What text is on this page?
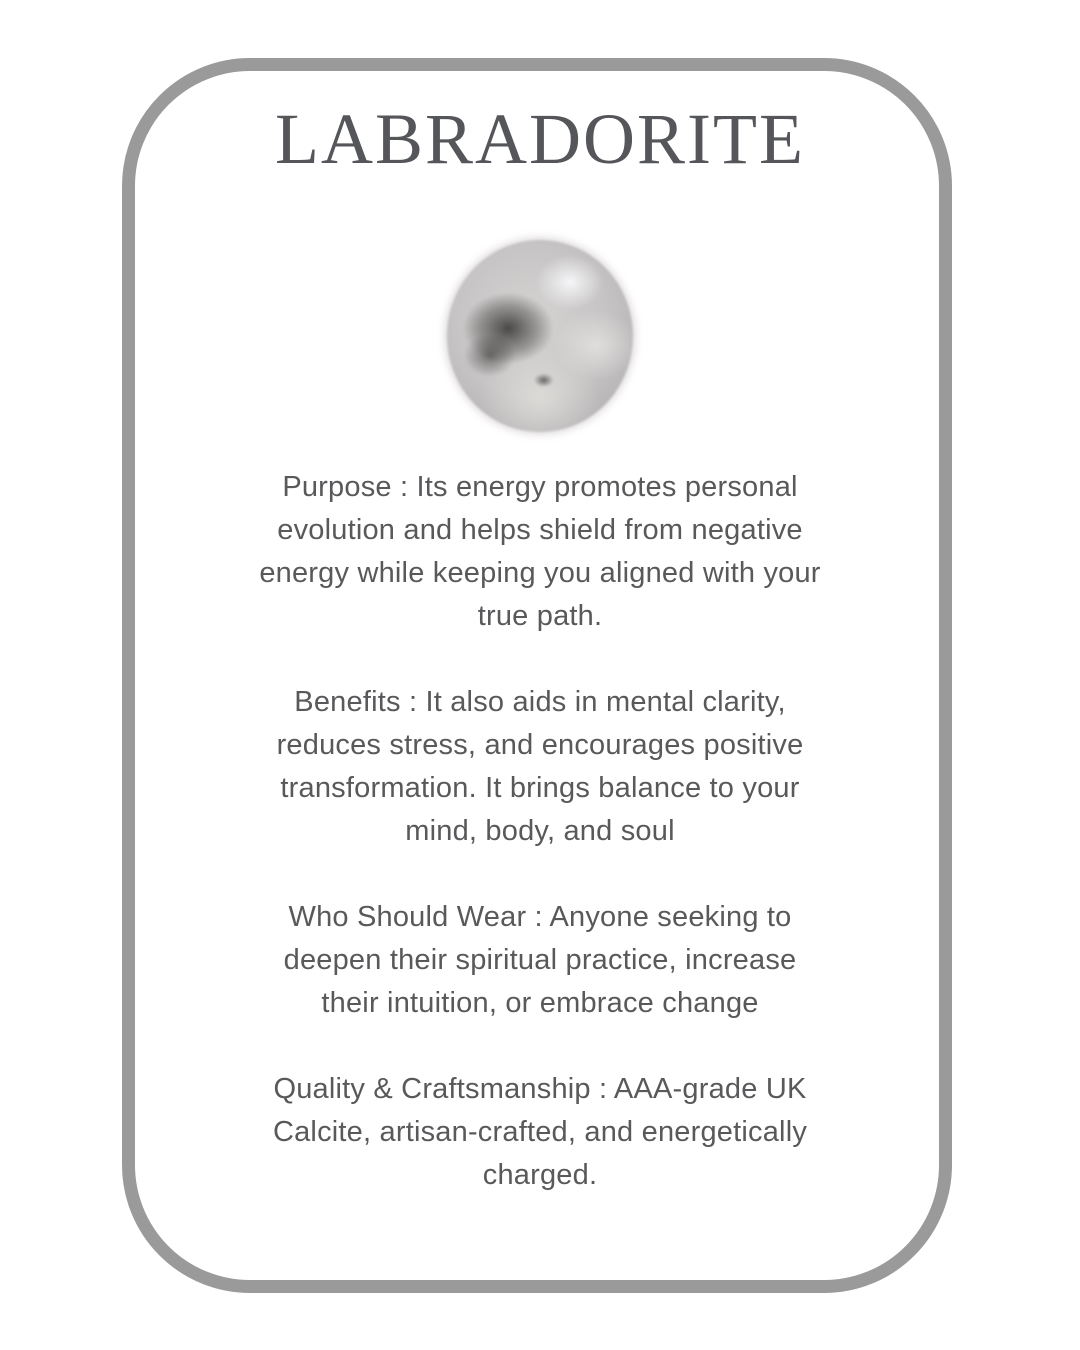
LABRADORITE

Purpose : Its energy promotes personal
evolution and helps shield from negative
energy while keeping you aligned with your
true path.

Benefits : It also aids in mental clarity,
reduces stress, and encourages positive
transformation. It brings balance to your
mind, body, and soul

Who Should Wear : Anyone seeking to
deepen their spiritual practice, increase
their intuition, or embrace change

Quality & Craftsmanship : AAA-grade UK
Calcite, artisan-crafted, and energetically
charged.
